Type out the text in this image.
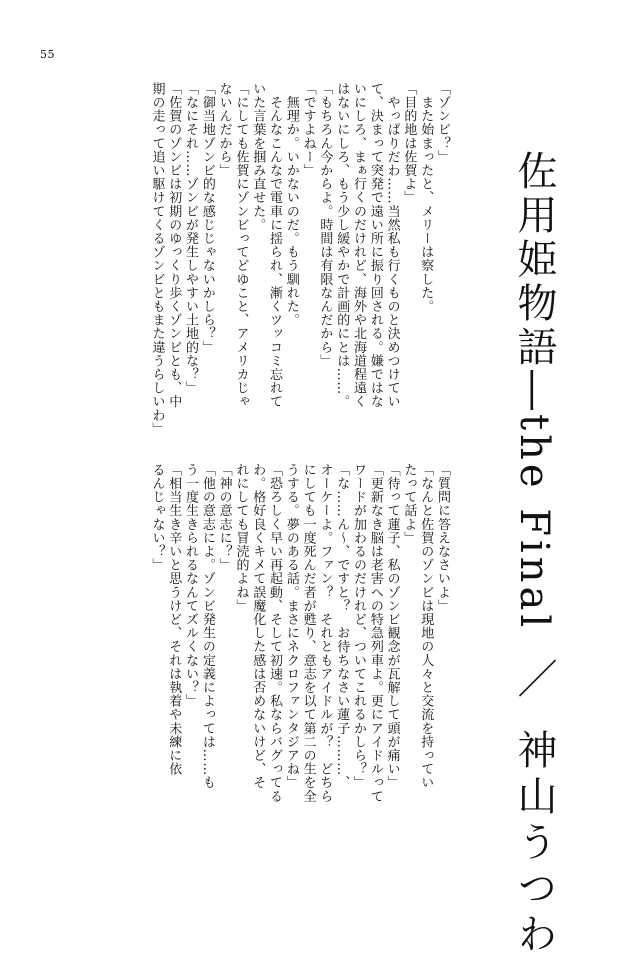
55
佐用姫物語―the Final ／ 神山うつわ
「ゾンビ？」
　また始まったと、メリーは察した。
「目的地は佐賀よ」
　やっぱりだわ……当然私も行くものと決めつけてい
て、決まって突発で遠い所に振り回される。嫌ではな
いにしろ、まぁ行くのだけれど、海外や北海道程遠く
はないにしろ、もう少し緩やかで計画的にとは……。
「もちろん今からよ。時間は有限なんだから」
「ですよねー」
　無理か。いかないのだ。もう馴れた。
　そんなこんなで電車に揺られ、漸くツッコミ忘れて
いた言葉を掴み直せた。
「にしても佐賀にゾンビってどゆこと、アメリカじゃ
ないんだから」
「御当地ゾンビ的な感じじゃないかしら？」
「なにそれ……ゾンビが発生しやすい土地的な？」
「佐賀のゾンビは初期のゆっくり歩くゾンビとも、中
期の走って追い駆けてくるゾンビともまた違うらしいわ」
「質問に答えなさいよ」
「なんと佐賀のゾンビは現地の人々と交流を持ってい
たって話よ」
「待って蓮子、私のゾンビ観念が瓦解して頭が痛い」
「更新なき脳は老害への特急列車よ。更にアイドルって
ワードが加わるのだけれど、ついてこれるかしら？」
「な……ん〜、ですと？　お待ちなさい蓮子………、
オーケーよ。ファン？　それともアイドルが？　どちら
にしても一度死んだ者が甦り、意志を以て第二の生を全
うする。夢のある話。まさにネクロファンタジアね」
「恐ろしく早い再起動、そして初速。私ならバグってる
わ。格好良くキメて誤魔化した感は否めないけど、そ
れにしても冒涜的よね」
「神の意志に？」
「他の意志によ。ゾンビ発生の定義によっては……も
う一度生きられるなんてズルくない？」
「相当生き辛いと思うけど、それは執着や未練に依
るんじゃない？」
